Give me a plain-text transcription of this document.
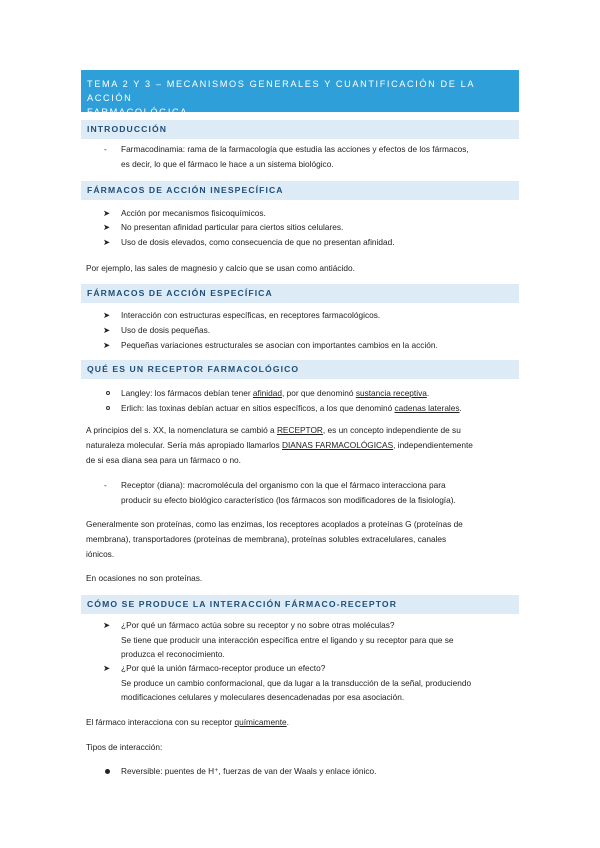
TEMA 2 Y 3 – MECANISMOS GENERALES Y CUANTIFICACIÓN DE LA ACCIÓN
FARMACOLÓGICA.
INTRODUCCIÓN
- Farmacodinamia: rama de la farmacología que estudia las acciones y efectos de los fármacos,
es decir, lo que el fármaco le hace a un sistema biológico.
FÁRMACOS DE ACCIÓN INESPECÍFICA
➤ Acción por mecanismos fisicoquímicos.
➤ No presentan afinidad particular para ciertos sitios celulares.
➤ Uso de dosis elevados, como consecuencia de que no presentan afinidad.
Por ejemplo, las sales de magnesio y calcio que se usan como antiácido.
FÁRMACOS DE ACCIÓN ESPECÍFICA
➤ Interacción con estructuras específicas, en receptores farmacológicos.
➤ Uso de dosis pequeñas.
➤ Pequeñas variaciones estructurales se asocian con importantes cambios en la acción.
QUÉ ES UN RECEPTOR FARMACOLÓGICO
Langley: los fármacos debían tener afinidad, por que denominó sustancia receptiva.
Erlich: las toxinas debían actuar en sitios específicos, a los que denominó cadenas laterales.
A principios del s. XX, la nomenclatura se cambió a RECEPTOR, es un concepto independiente de su
naturaleza molecular. Sería más apropiado llamarlos DIANAS FARMACOLÓGICAS, independientemente
de si esa diana sea para un fármaco o no.
- Receptor (diana): macromolécula del organismo con la que el fármaco interacciona para
producir su efecto biológico característico (los fármacos son modificadores de la fisiología).
Generalmente son proteínas, como las enzimas, los receptores acoplados a proteínas G (proteínas de
membrana), transportadores (proteínas de membrana), proteínas solubles extracelulares, canales
iónicos.
En ocasiones no son proteínas.
CÓMO SE PRODUCE LA INTERACCIÓN FÁRMACO-RECEPTOR
➤ ¿Por qué un fármaco actúa sobre su receptor y no sobre otras moléculas?
Se tiene que producir una interacción específica entre el ligando y su receptor para que se
produzca el reconocimiento.
➤ ¿Por qué la unión fármaco-receptor produce un efecto?
Se produce un cambio conformacional, que da lugar a la transducción de la señal, produciendo
modificaciones celulares y moleculares desencadenadas por esa asociación.
El fármaco interacciona con su receptor químicamente.
Tipos de interacción:
Reversible: puentes de H⁺, fuerzas de van der Waals y enlace iónico.
